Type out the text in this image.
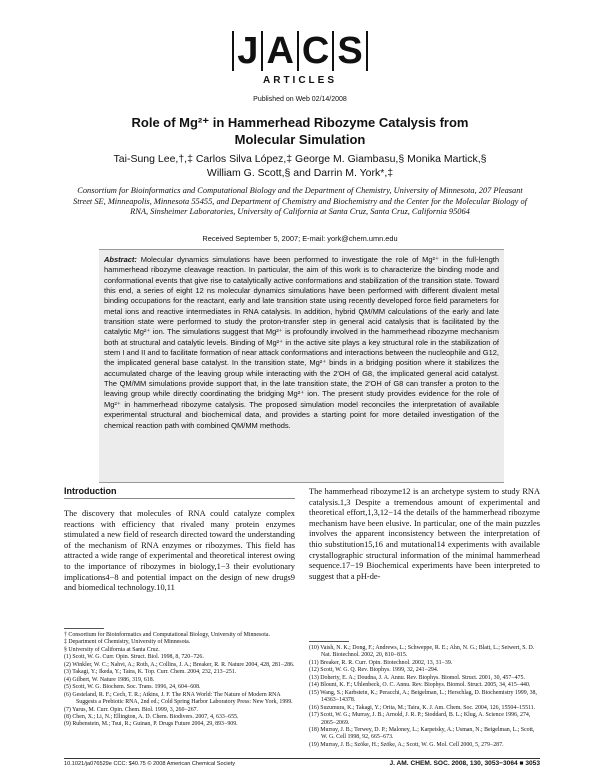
J A C S
ARTICLES
Published on Web 02/14/2008
Role of Mg²⁺ in Hammerhead Ribozyme Catalysis from
Molecular Simulation
Tai-Sung Lee,†,‡ Carlos Silva López,‡ George M. Giambasu,§ Monika Martick,§
William G. Scott,§ and Darrin M. York*,‡
Consortium for Bioinformatics and Computational Biology and the Department of Chemistry, University of Minnesota, 207 Pleasant Street SE, Minneapolis, Minnesota 55455, and Department of Chemistry and Biochemistry and the Center for the Molecular Biology of RNA, Sinsheimer Laboratories, University of California at Santa Cruz, Santa Cruz, California 95064
Received September 5, 2007; E-mail: york@chem.umn.edu
Abstract: Molecular dynamics simulations have been performed to investigate the role of Mg²⁺ in the full-length hammerhead ribozyme cleavage reaction. In particular, the aim of this work is to characterize the binding mode and conformational events that give rise to catalytically active conformations and stabilization of the transition state. Toward this end, a series of eight 12 ns molecular dynamics simulations have been performed with different divalent metal binding occupations for the reactant, early and late transition state using recently developed force field parameters for metal ions and reactive intermediates in RNA catalysis. In addition, hybrid QM/MM calculations of the early and late transition state were performed to study the proton-transfer step in general acid catalysis that is facilitated by the catalytic Mg²⁺ ion. The simulations suggest that Mg²⁺ is profoundly involved in the hammerhead ribozyme mechanism both at structural and catalytic levels. Binding of Mg²⁺ in the active site plays a key structural role in the stabilization of stem I and II and to facilitate formation of near attack conformations and interactions between the nucleophile and G12, the implicated general base catalyst. In the transition state, Mg²⁺ binds in a bridging position where it stabilizes the accumulated charge of the leaving group while interacting with the 2′OH of G8, the implicated general acid catalyst. The QM/MM simulations provide support that, in the late transition state, the 2′OH of G8 can transfer a proton to the leaving group while directly coordinating the bridging Mg²⁺ ion. The present study provides evidence for the role of Mg²⁺ in hammerhead ribozyme catalysis. The proposed simulation model reconciles the interpretation of available experimental structural and biochemical data, and provides a starting point for more detailed investigation of the chemical reaction path with combined QM/MM methods.
Introduction
The discovery that molecules of RNA could catalyze complex reactions with efficiency that rivaled many protein enzymes stimulated a new field of research directed toward the understanding of the mechanism of RNA enzymes or ribozymes. This field has attracted a wide range of experimental and theoretical interest owing to the importance of ribozymes in biology,1−3 their evolutionary implications4−8 and potential impact on the design of new drugs9 and biomedical technology.10,11
The hammerhead ribozyme12 is an archetype system to study RNA catalysis.1,3 Despite a tremendous amount of experimental and theoretical effort,1,3,12−14 the details of the hammerhead ribozyme mechanism have been elusive. In particular, one of the main puzzles involves the apparent inconsistency between the interpretation of thio substitution15,16 and mutational14 experiments with available crystallographic structural information of the minimal hammerhead sequence.17−19 Biochemical experiments have been interpreted to suggest that a pH-de-

† Consortium for Bioinformatics and Computational Biology, University of Minnesota.

‡ Department of Chemistry, University of Minnesota.

§ University of California at Santa Cruz.

(1) Scott, W. G. Curr. Opin. Struct. Biol. 1998, 8, 720−726.

(2) Winkler, W. C.; Nahvi, A.; Roth, A.; Collins, J. A.; Breaker, R. R. Nature 2004, 428, 281−286.

(3) Takagi, Y.; Ikeda, Y.; Taira, K. Top. Curr. Chem. 2004, 232, 213−251.

(4) Gilbert, W. Nature 1986, 319, 618.

(5) Scott, W. G. Biochem. Soc. Trans. 1996, 24, 604−608.

(6) Gesteland, R. F.; Cech, T. R.; Atkins, J. F. The RNA World: The Nature of Modern RNA Suggests a Prebiotic RNA, 2nd ed.; Cold Spring Harbor Laboratory Press: New York, 1999.

(7) Yarus, M. Curr. Opin. Chem. Biol. 1999, 3, 260−267.

(8) Chen, X.; Li, N.; Ellington, A. D. Chem. Biodivers. 2007, 4, 633−655.

(9) Rubenstein, M.; Tsui, R.; Guinan, P. Drugs Future 2004, 29, 893−909.

(10) Vaish, N. K.; Dong, F.; Andrews, L.; Schweppe, R. E.; Ahn, N. G.; Blatt, L.; Seiwert, S. D. Nat. Biotechnol. 2002, 20, 810−815.

(11) Breaker, R. R. Curr. Opin. Biotechnol. 2002, 13, 31−39.

(12) Scott, W. G. Q. Rev. Biophys. 1999, 32, 241−294.

(13) Doherty, E. A.; Doudna, J. A. Annu. Rev. Biophys. Biomol. Struct. 2001, 30, 457−475.

(14) Blount, K. F.; Uhlenbeck, O. C. Annu. Rev. Biophys. Biomol. Struct. 2005, 34, 415−440.

(15) Wang, S.; Karbstein, K.; Peracchi, A.; Beigelman, L.; Herschlag, D. Biochemistry 1999, 38, 14363−14378.

(16) Suzumura, K.; Takagi, Y.; Orita, M.; Taira, K. J. Am. Chem. Soc. 2004, 126, 15504–15511.

(17) Scott, W. G.; Murray, J. B.; Arnold, J. R. P.; Stoddard, B. L.; Klug, A. Science 1996, 274, 2065−2069.

(18) Murray, J. B.; Terwey, D. P.; Maloney, L.; Karpeisky, A.; Usman, N.; Beigelman, L.; Scott, W. G. Cell 1998, 92, 665−673.

(19) Murray, J. B.; Szöke, H.; Szöke, A.; Scott, W. G. Mol. Cell 2000, 5, 279−287.

10.1021/ja076529e CCC: $40.75 © 2008 American Chemical Society	J. AM. CHEM. SOC. 2008, 130, 3053−3064 ■ 3053
